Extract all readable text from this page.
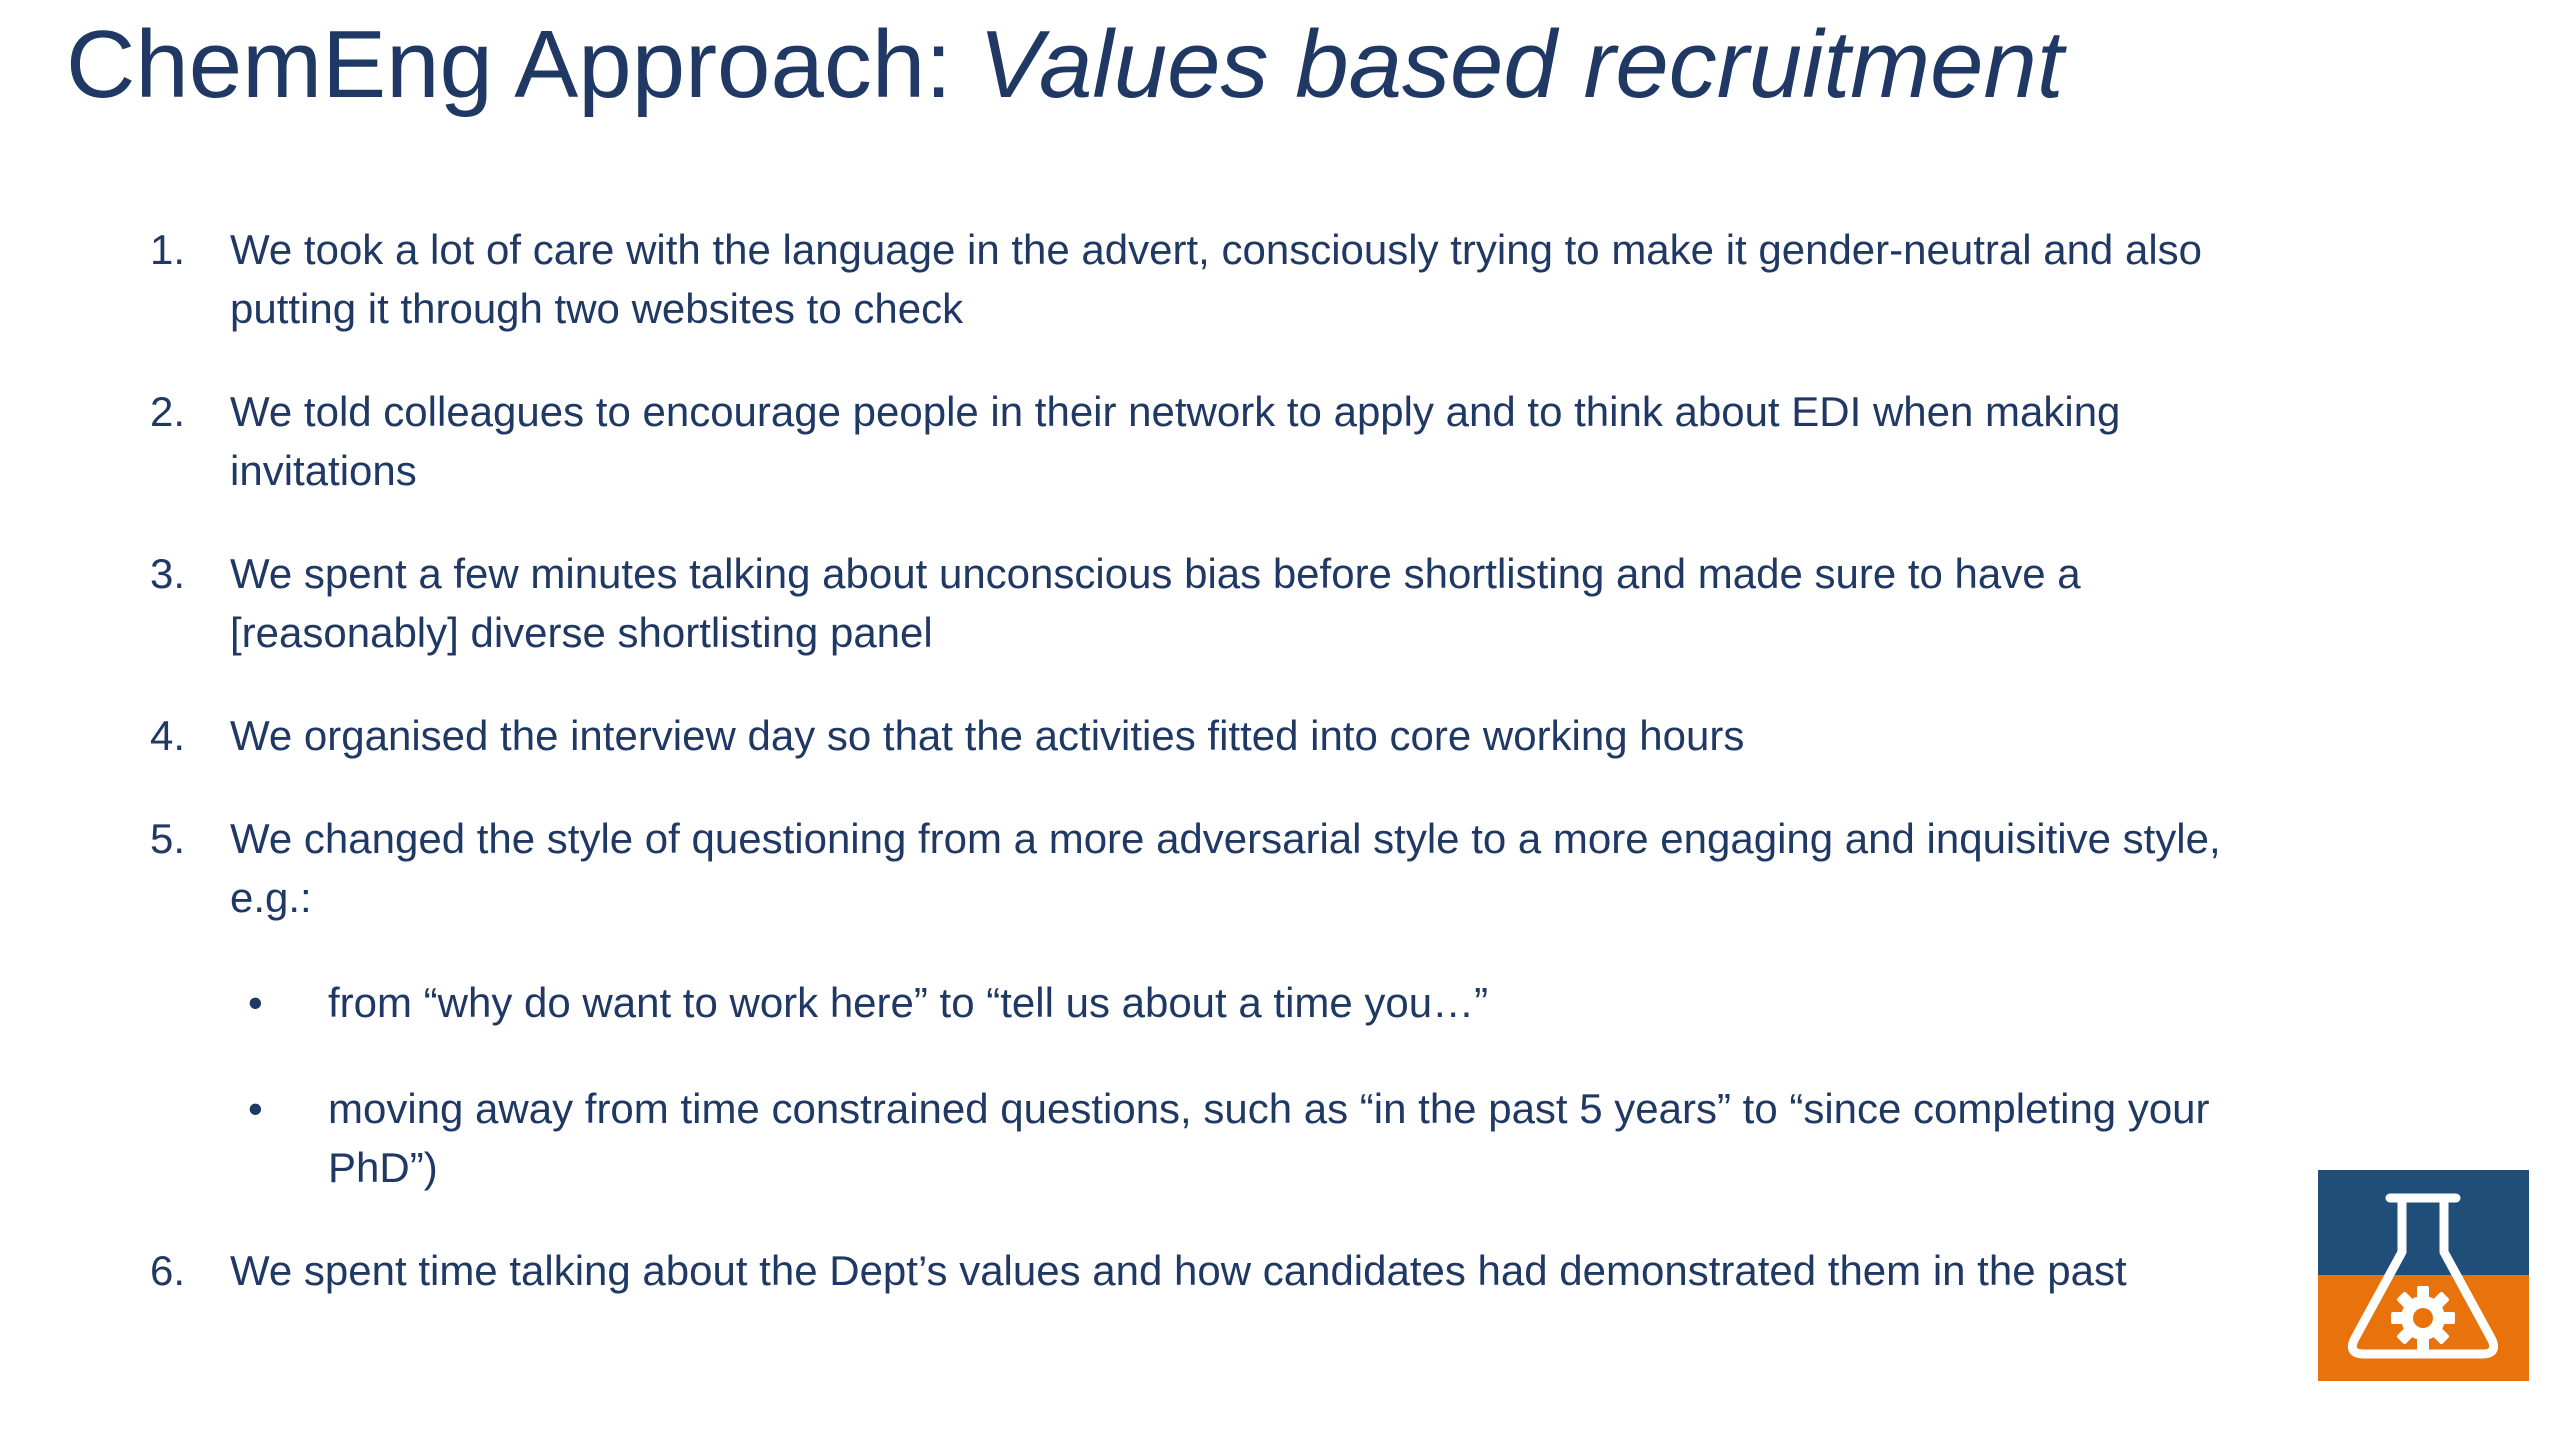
ChemEng Approach: Values based recruitment
1. We took a lot of care with the language in the advert, consciously trying to make it gender-neutral and also putting it through two websites to check
2. We told colleagues to encourage people in their network to apply and to think about EDI when making invitations
3. We spent a few minutes talking about unconscious bias before shortlisting and made sure to have a [reasonably] diverse shortlisting panel
4. We organised the interview day so that the activities fitted into core working hours
5. We changed the style of questioning from a more adversarial style to a more engaging and inquisitive style, e.g.:
• from “why do want to work here” to “tell us about a time you…”
• moving away from time constrained questions, such as “in the past 5 years” to “since completing your PhD”)
6. We spent time talking about the Dept’s values and how candidates had demonstrated them in the past
